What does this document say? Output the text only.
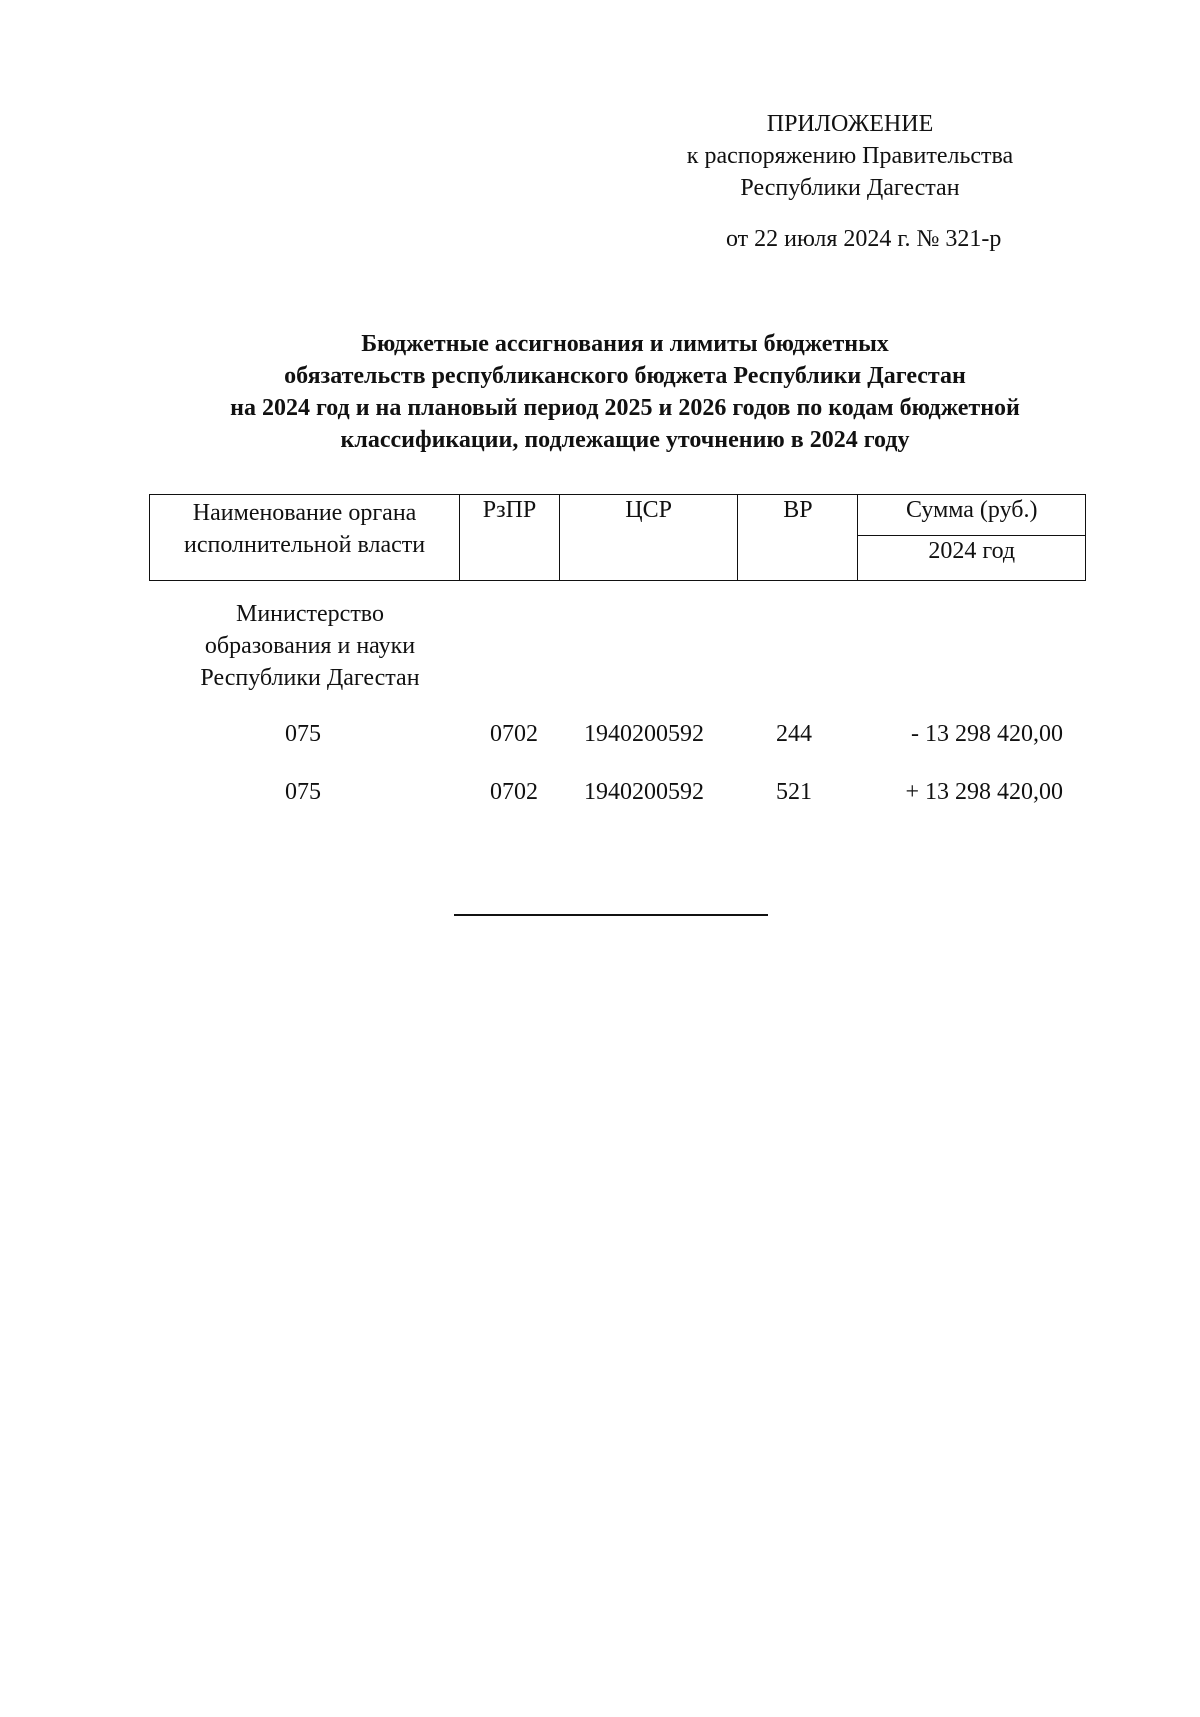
ПРИЛОЖЕНИЕ
к распоряжению Правительства
Республики Дагестан
от 22 июля 2024 г. № 321-р
Бюджетные ассигнования и лимиты бюджетных
обязательств республиканского бюджета Республики Дагестан
на 2024 год и на плановый период 2025 и 2026 годов по кодам бюджетной
классификации, подлежащие уточнению в 2024 году
Наименование органа
исполнительной власти
	РзПР	ЦСР	ВР	Сумма (руб.)
2024 год
Министерство
образования и науки
Республики Дагестан
075	0702 1940200592	244	- 13 298 420,00
075	0702 1940200592	521	+ 13 298 420,00
